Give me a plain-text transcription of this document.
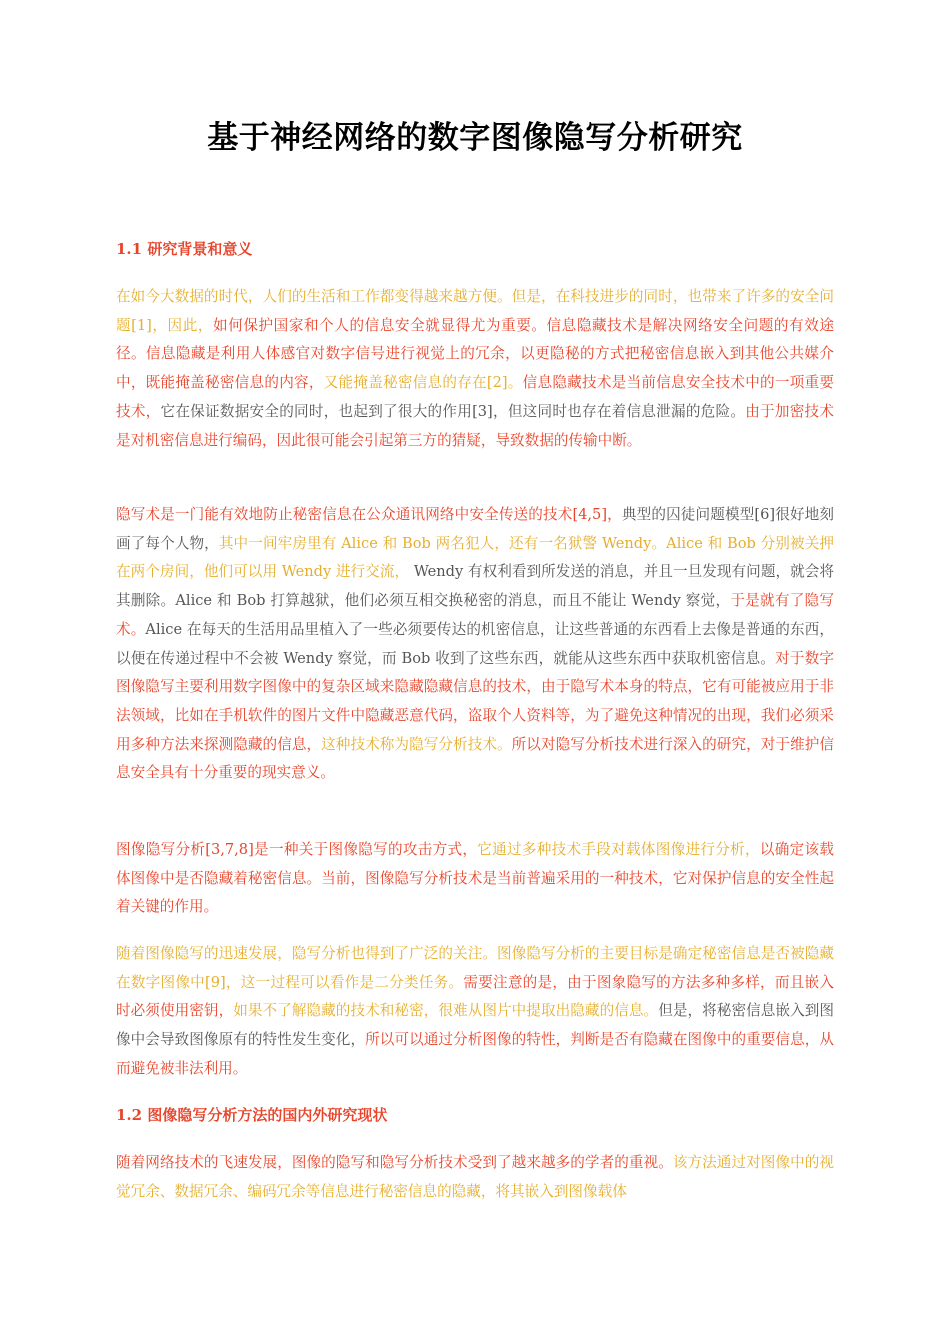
基于神经网络的数字图像隐写分析研究
1.1 研究背景和意义

在如今大数据的时代，人们的生活和工作都变得越来越方便。但是，在科技进步的同时，也带来了许多的安全问题[1]，因此，如何保护国家和个人的信息安全就显得尤为重要。信息隐藏技术是解决网络安全问题的有效途径。信息隐藏是利用人体感官对数字信号进行视觉上的冗余，以更隐秘的方式把秘密信息嵌入到其他公共媒介中，既能掩盖秘密信息的内容，又能掩盖秘密信息的存在[2]。信息隐藏技术是当前信息安全技术中的一项重要技术，它在保证数据安全的同时，也起到了很大的作用[3]，但这同时也存在着信息泄漏的危险。由于加密技术是对机密信息进行编码，因此很可能会引起第三方的猜疑，导致数据的传输中断。

隐写术是一门能有效地防止秘密信息在公众通讯网络中安全传送的技术[4,5]，典型的囚徒问题模型[6]很好地刻画了每个人物，其中一间牢房里有 Alice 和 Bob 两名犯人，还有一名狱警 Wendy。Alice 和 Bob 分别被关押在两个房间，他们可以用 Wendy 进行交流， Wendy 有权利看到所发送的消息，并且一旦发现有问题，就会将其删除。Alice 和 Bob 打算越狱，他们必须互相交换秘密的消息，而且不能让 Wendy 察觉，于是就有了隐写术。Alice 在每天的生活用品里植入了一些必须要传达的机密信息，让这些普通的东西看上去像是普通的东西，以便在传递过程中不会被 Wendy 察觉，而 Bob 收到了这些东西，就能从这些东西中获取机密信息。对于数字图像隐写主要利用数字图像中的复杂区域来隐藏隐藏信息的技术，由于隐写术本身的特点，它有可能被应用于非法领域，比如在手机软件的图片文件中隐藏恶意代码，盗取个人资料等，为了避免这种情况的出现，我们必须采用多种方法来探测隐藏的信息，这种技术称为隐写分析技术。所以对隐写分析技术进行深入的研究，对于维护信息安全具有十分重要的现实意义。

图像隐写分析[3,7,8]是一种关于图像隐写的攻击方式，它通过多种技术手段对载体图像进行分析，以确定该载体图像中是否隐藏着秘密信息。当前，图像隐写分析技术是当前普遍采用的一种技术，它对保护信息的安全性起着关键的作用。

随着图像隐写的迅速发展，隐写分析也得到了广泛的关注。图像隐写分析的主要目标是确定秘密信息是否被隐藏在数字图像中[9]，这一过程可以看作是二分类任务。需要注意的是，由于图象隐写的方法多种多样，而且嵌入时必须使用密钥，如果不了解隐藏的技术和秘密，很难从图片中提取出隐藏的信息。但是，将秘密信息嵌入到图像中会导致图像原有的特性发生变化，所以可以通过分析图像的特性，判断是否有隐藏在图像中的重要信息，从而避免被非法利用。

1.2 图像隐写分析方法的国内外研究现状

随着网络技术的飞速发展，图像的隐写和隐写分析技术受到了越来越多的学者的重视。该方法通过对图像中的视觉冗余、数据冗余、编码冗余等信息进行秘密信息的隐藏，将其嵌入到图像载体
